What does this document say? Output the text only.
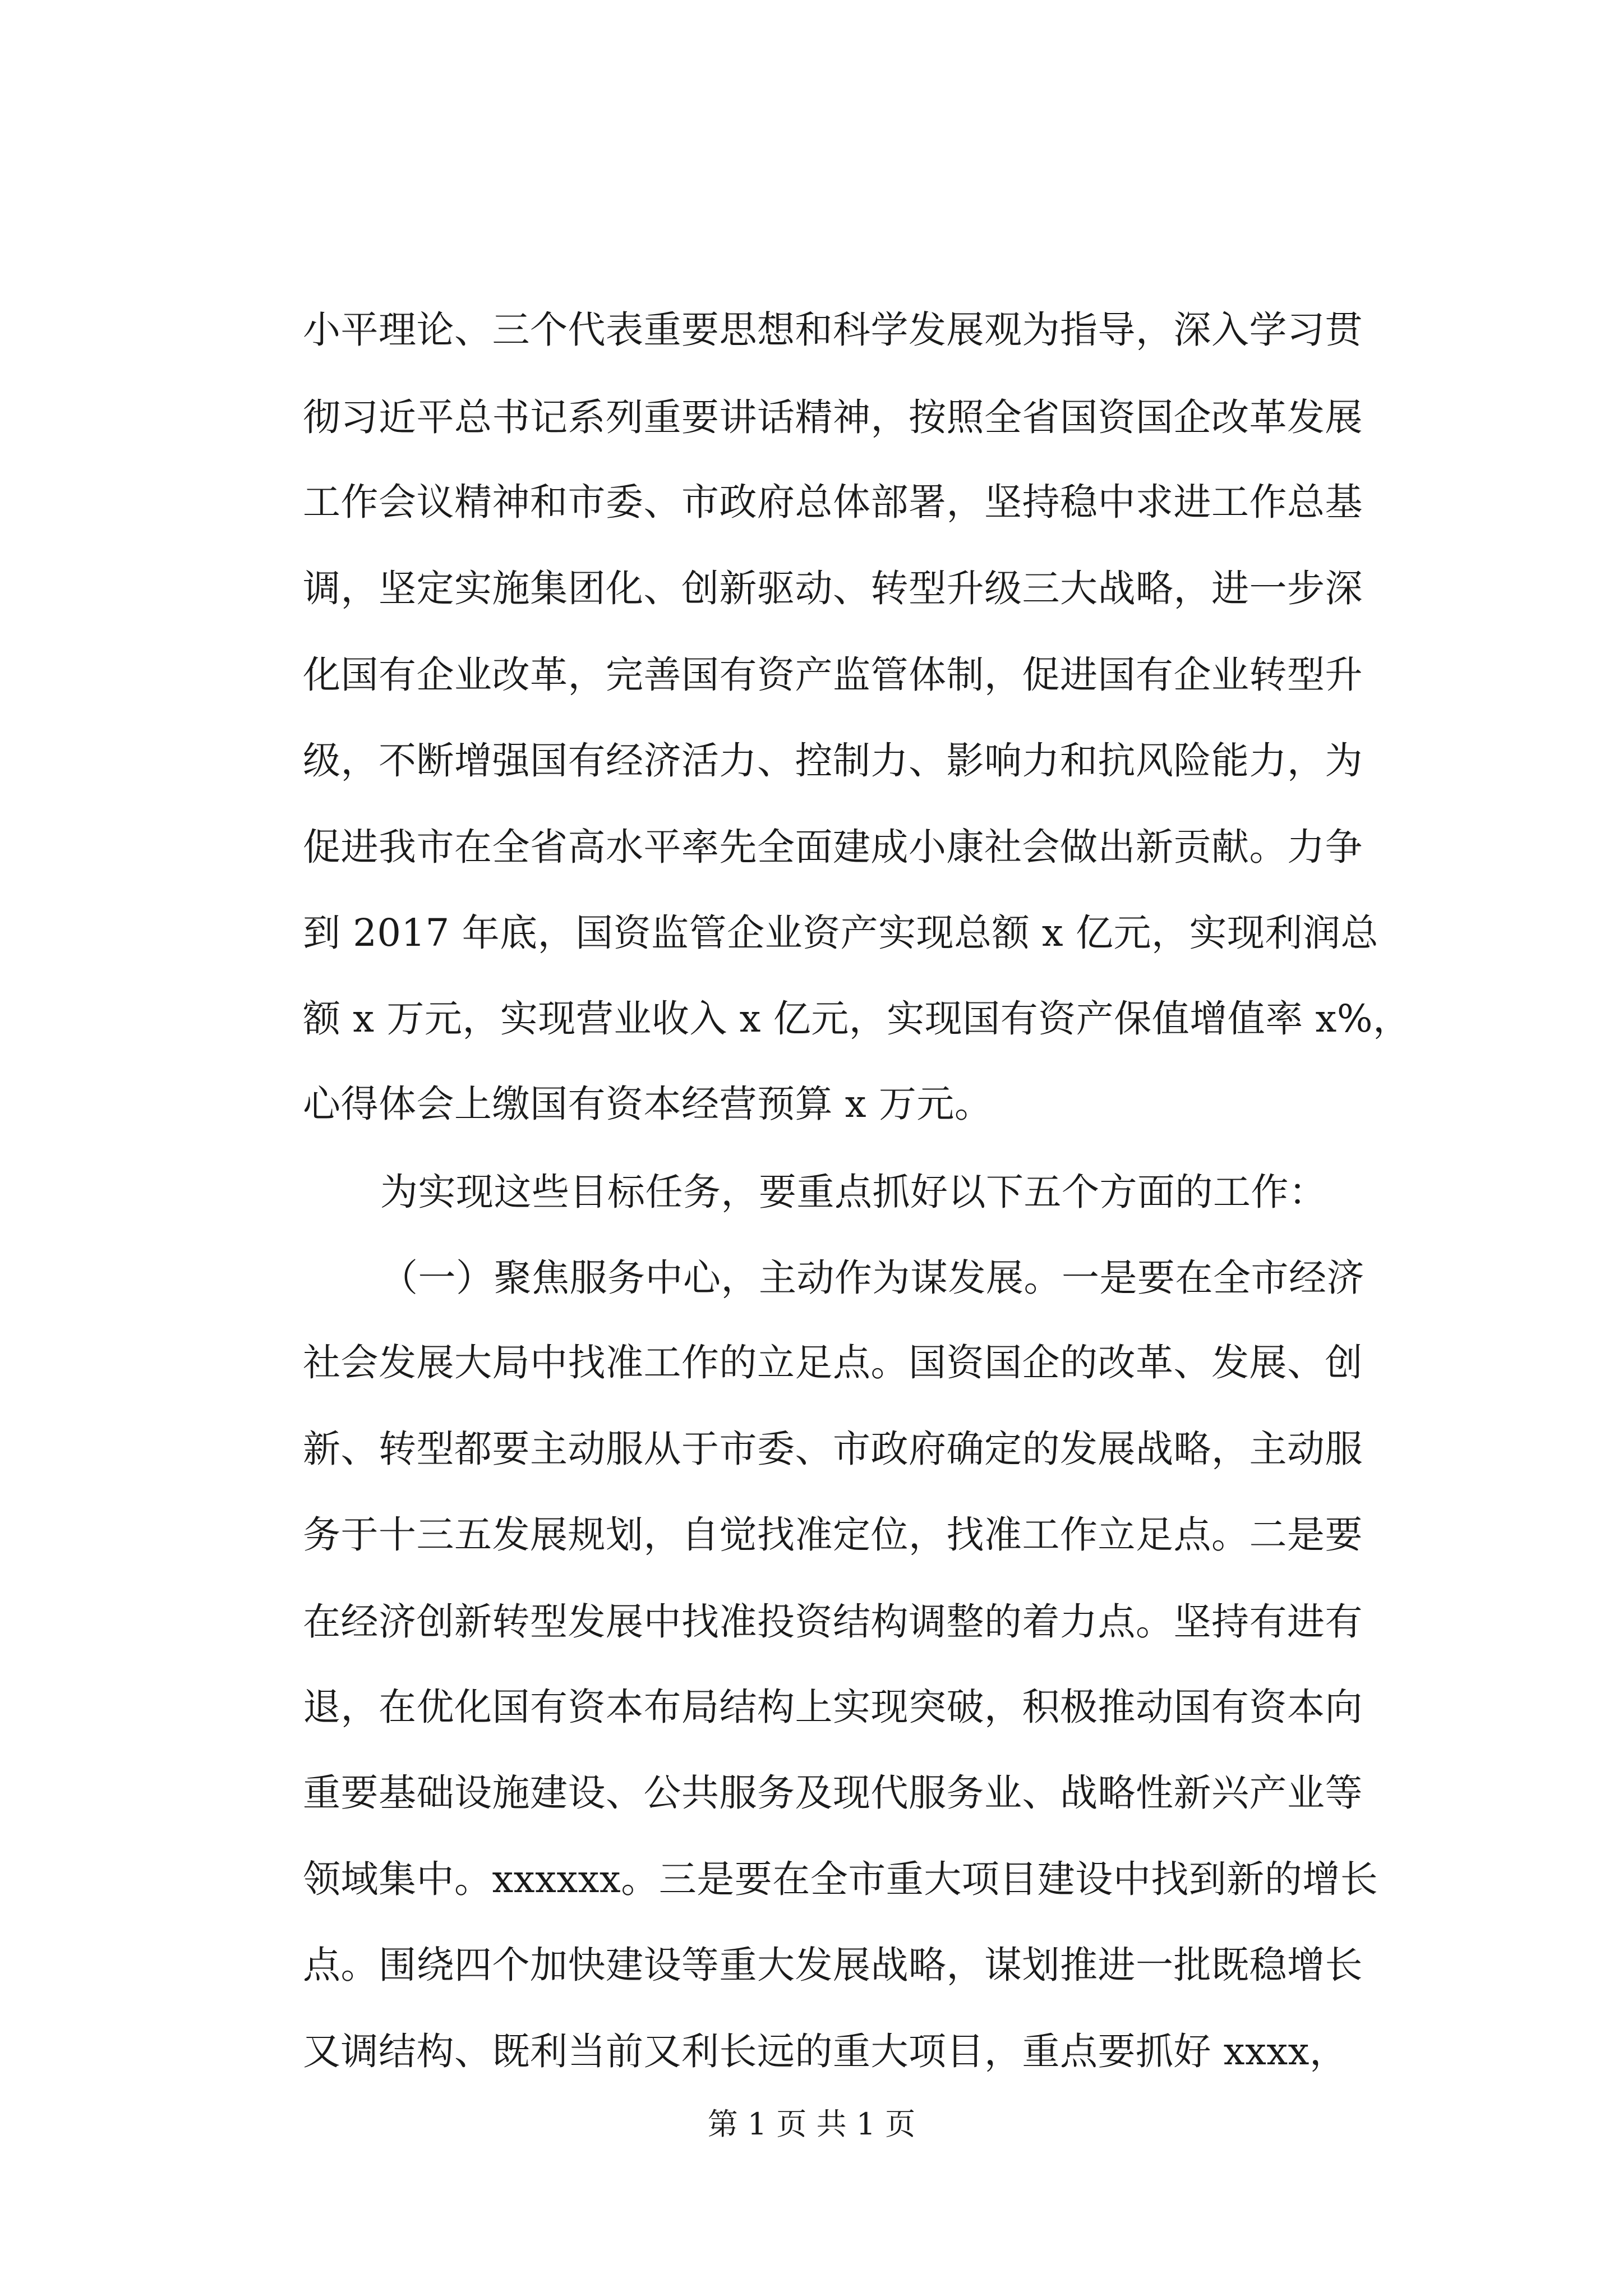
小平理论、三个代表重要思想和科学发展观为指导，深入学习贯
彻习近平总书记系列重要讲话精神，按照全省国资国企改革发展
工作会议精神和市委、市政府总体部署，坚持稳中求进工作总基
调，坚定实施集团化、创新驱动、转型升级三大战略，进一步深
化国有企业改革，完善国有资产监管体制，促进国有企业转型升
级，不断增强国有经济活力、控制力、影响力和抗风险能力，为
促进我市在全省高水平率先全面建成小康社会做出新贡献。力争
到 2017 年底，国资监管企业资产实现总额 x 亿元，实现利润总
额 x 万元，实现营业收入 x 亿元，实现国有资产保值增值率 x%，
心得体会上缴国有资本经营预算 x 万元。
为实现这些目标任务，要重点抓好以下五个方面的工作：
（一）聚焦服务中心，主动作为谋发展。一是要在全市经济
社会发展大局中找准工作的立足点。国资国企的改革、发展、创
新、转型都要主动服从于市委、市政府确定的发展战略，主动服
务于十三五发展规划，自觉找准定位，找准工作立足点。二是要
在经济创新转型发展中找准投资结构调整的着力点。坚持有进有
退，在优化国有资本布局结构上实现突破，积极推动国有资本向
重要基础设施建设、公共服务及现代服务业、战略性新兴产业等
领域集中。xxxxxx。三是要在全市重大项目建设中找到新的增长
点。围绕四个加快建设等重大发展战略，谋划推进一批既稳增长
又调结构、既利当前又利长远的重大项目，重点要抓好 xxxx，
第 1 页 共 1 页
